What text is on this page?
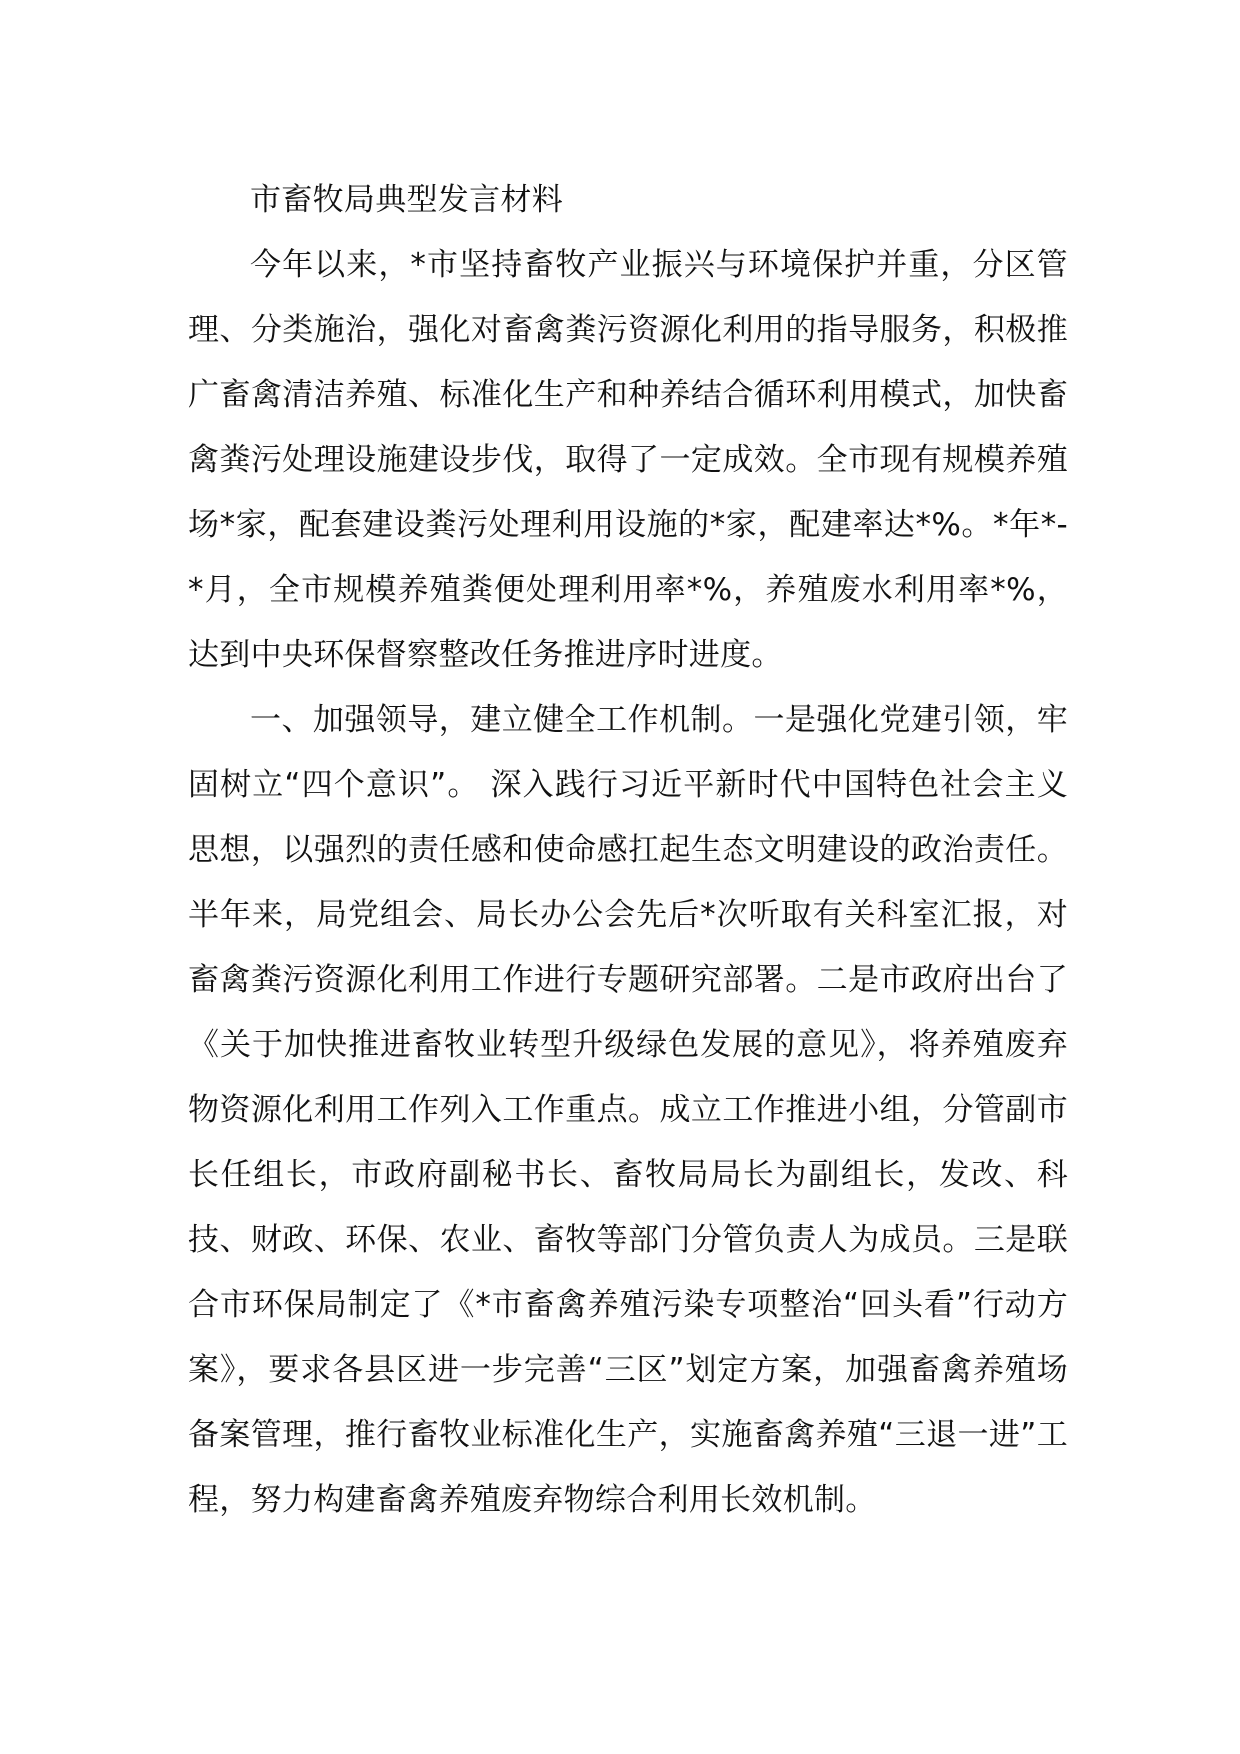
市畜牧局典型发言材料

今年以来，*市坚持畜牧产业振兴与环境保护并重，分区管理、分类施治，强化对畜禽粪污资源化利用的指导服务，积极推广畜禽清洁养殖、标准化生产和种养结合循环利用模式，加快畜禽粪污处理设施建设步伐，取得了一定成效。全市现有规模养殖场*家，配套建设粪污处理利用设施的*家，配建率达*%。*年*-*月，全市规模养殖粪便处理利用率*%，养殖废水利用率*%，达到中央环保督察整改任务推进序时进度。

一、加强领导，建立健全工作机制。一是强化党建引领，牢固树立“四个意识”。 深入践行习近平新时代中国特色社会主义思想，以强烈的责任感和使命感扛起生态文明建设的政治责任。半年来，局党组会、局长办公会先后*次听取有关科室汇报，对畜禽粪污资源化利用工作进行专题研究部署。二是市政府出台了《关于加快推进畜牧业转型升级绿色发展的意见》，将养殖废弃物资源化利用工作列入工作重点。成立工作推进小组，分管副市长任组长，市政府副秘书长、畜牧局局长为副组长，发改、科技、财政、环保、农业、畜牧等部门分管负责人为成员。三是联合市环保局制定了《*市畜禽养殖污染专项整治“回头看”行动方案》，要求各县区进一步完善“三区”划定方案，加强畜禽养殖场备案管理，推行畜牧业标准化生产，实施畜禽养殖“三退一进”工程，努力构建畜禽养殖废弃物综合利用长效机制。
